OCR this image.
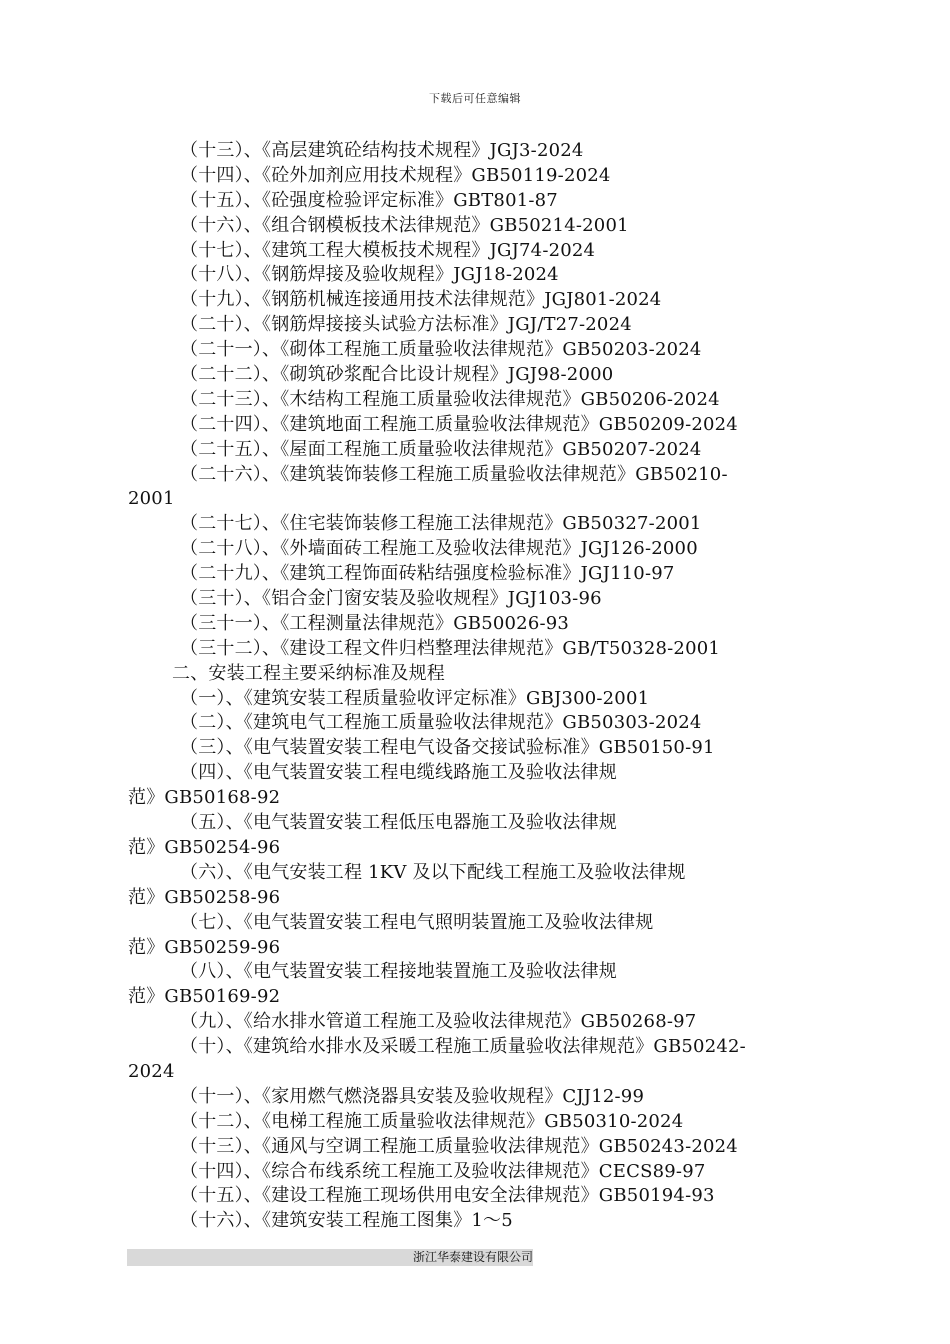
下载后可任意编辑
（十三）、《高层建筑砼结构技术规程》JGJ3-2024
（十四）、《砼外加剂应用技术规程》GB50119-2024
（十五）、《砼强度检验评定标准》GBT801-87
（十六）、《组合钢模板技术法律规范》GB50214-2001
（十七）、《建筑工程大模板技术规程》JGJ74-2024
（十八）、《钢筋焊接及验收规程》JGJ18-2024
（十九）、《钢筋机械连接通用技术法律规范》JGJ801-2024
（二十）、《钢筋焊接接头试验方法标准》JGJ/T27-2024
（二十一）、《砌体工程施工质量验收法律规范》GB50203-2024
（二十二）、《砌筑砂浆配合比设计规程》JGJ98-2000
（二十三）、《木结构工程施工质量验收法律规范》GB50206-2024
（二十四）、《建筑地面工程施工质量验收法律规范》GB50209-2024
（二十五）、《屋面工程施工质量验收法律规范》GB50207-2024
（二十六）、《建筑装饰装修工程施工质量验收法律规范》GB50210-
2001
（二十七）、《住宅装饰装修工程施工法律规范》GB50327-2001
（二十八）、《外墙面砖工程施工及验收法律规范》JGJ126-2000
（二十九）、《建筑工程饰面砖粘结强度检验标准》JGJ110-97
（三十）、《铝合金门窗安装及验收规程》JGJ103-96
（三十一）、《工程测量法律规范》GB50026-93
（三十二）、《建设工程文件归档整理法律规范》GB/T50328-2001
二、安装工程主要采纳标准及规程
（一）、《建筑安装工程质量验收评定标准》GBJ300-2001
（二）、《建筑电气工程施工质量验收法律规范》GB50303-2024
（三）、《电气装置安装工程电气设备交接试验标准》GB50150-91
（四）、《电气装置安装工程电缆线路施工及验收法律规
范》GB50168-92
（五）、《电气装置安装工程低压电器施工及验收法律规
范》GB50254-96
（六）、《电气安装工程 1KV 及以下配线工程施工及验收法律规
范》GB50258-96
（七）、《电气装置安装工程电气照明装置施工及验收法律规
范》GB50259-96
（八）、《电气装置安装工程接地装置施工及验收法律规
范》GB50169-92
（九）、《给水排水管道工程施工及验收法律规范》GB50268-97
（十）、《建筑给水排水及采暖工程施工质量验收法律规范》GB50242-
2024
（十一）、《家用燃气燃浇器具安装及验收规程》CJJ12-99
（十二）、《电梯工程施工质量验收法律规范》GB50310-2024
（十三）、《通风与空调工程施工质量验收法律规范》GB50243-2024
（十四）、《综合布线系统工程施工及验收法律规范》CECS89-97
（十五）、《建设工程施工现场供用电安全法律规范》GB50194-93
（十六）、《建筑安装工程施工图集》1～5
浙江华泰建设有限公司
